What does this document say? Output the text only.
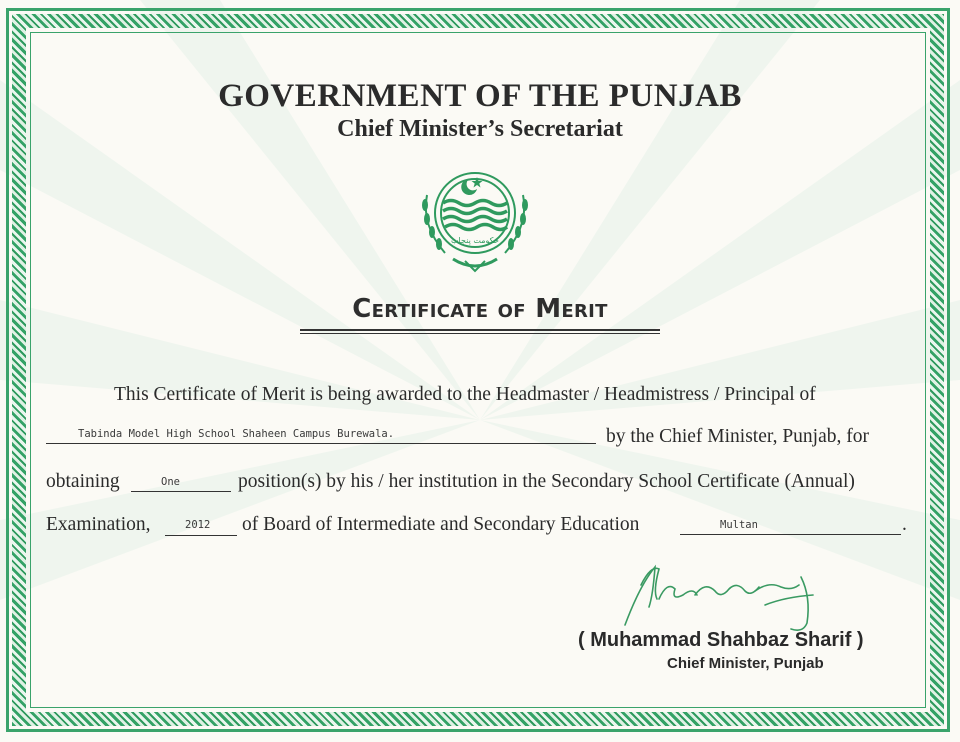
GOVERNMENT OF THE PUNJAB
Chief Minister’s Secretariat
حکومت پنجاب
Certificate of Merit
This Certificate of Merit is being awarded to the Headmaster / Headmistress / Principal of
Tabinda Model High School Shaheen Campus Burewala.	by the Chief Minister, Punjab, for
obtaining	One	position(s) by his / her institution in the Secondary School Certificate (Annual)
Examination,	2012	of Board of Intermediate and Secondary Education	Multan	.
( Muhammad Shahbaz Sharif )
Chief Minister, Punjab
